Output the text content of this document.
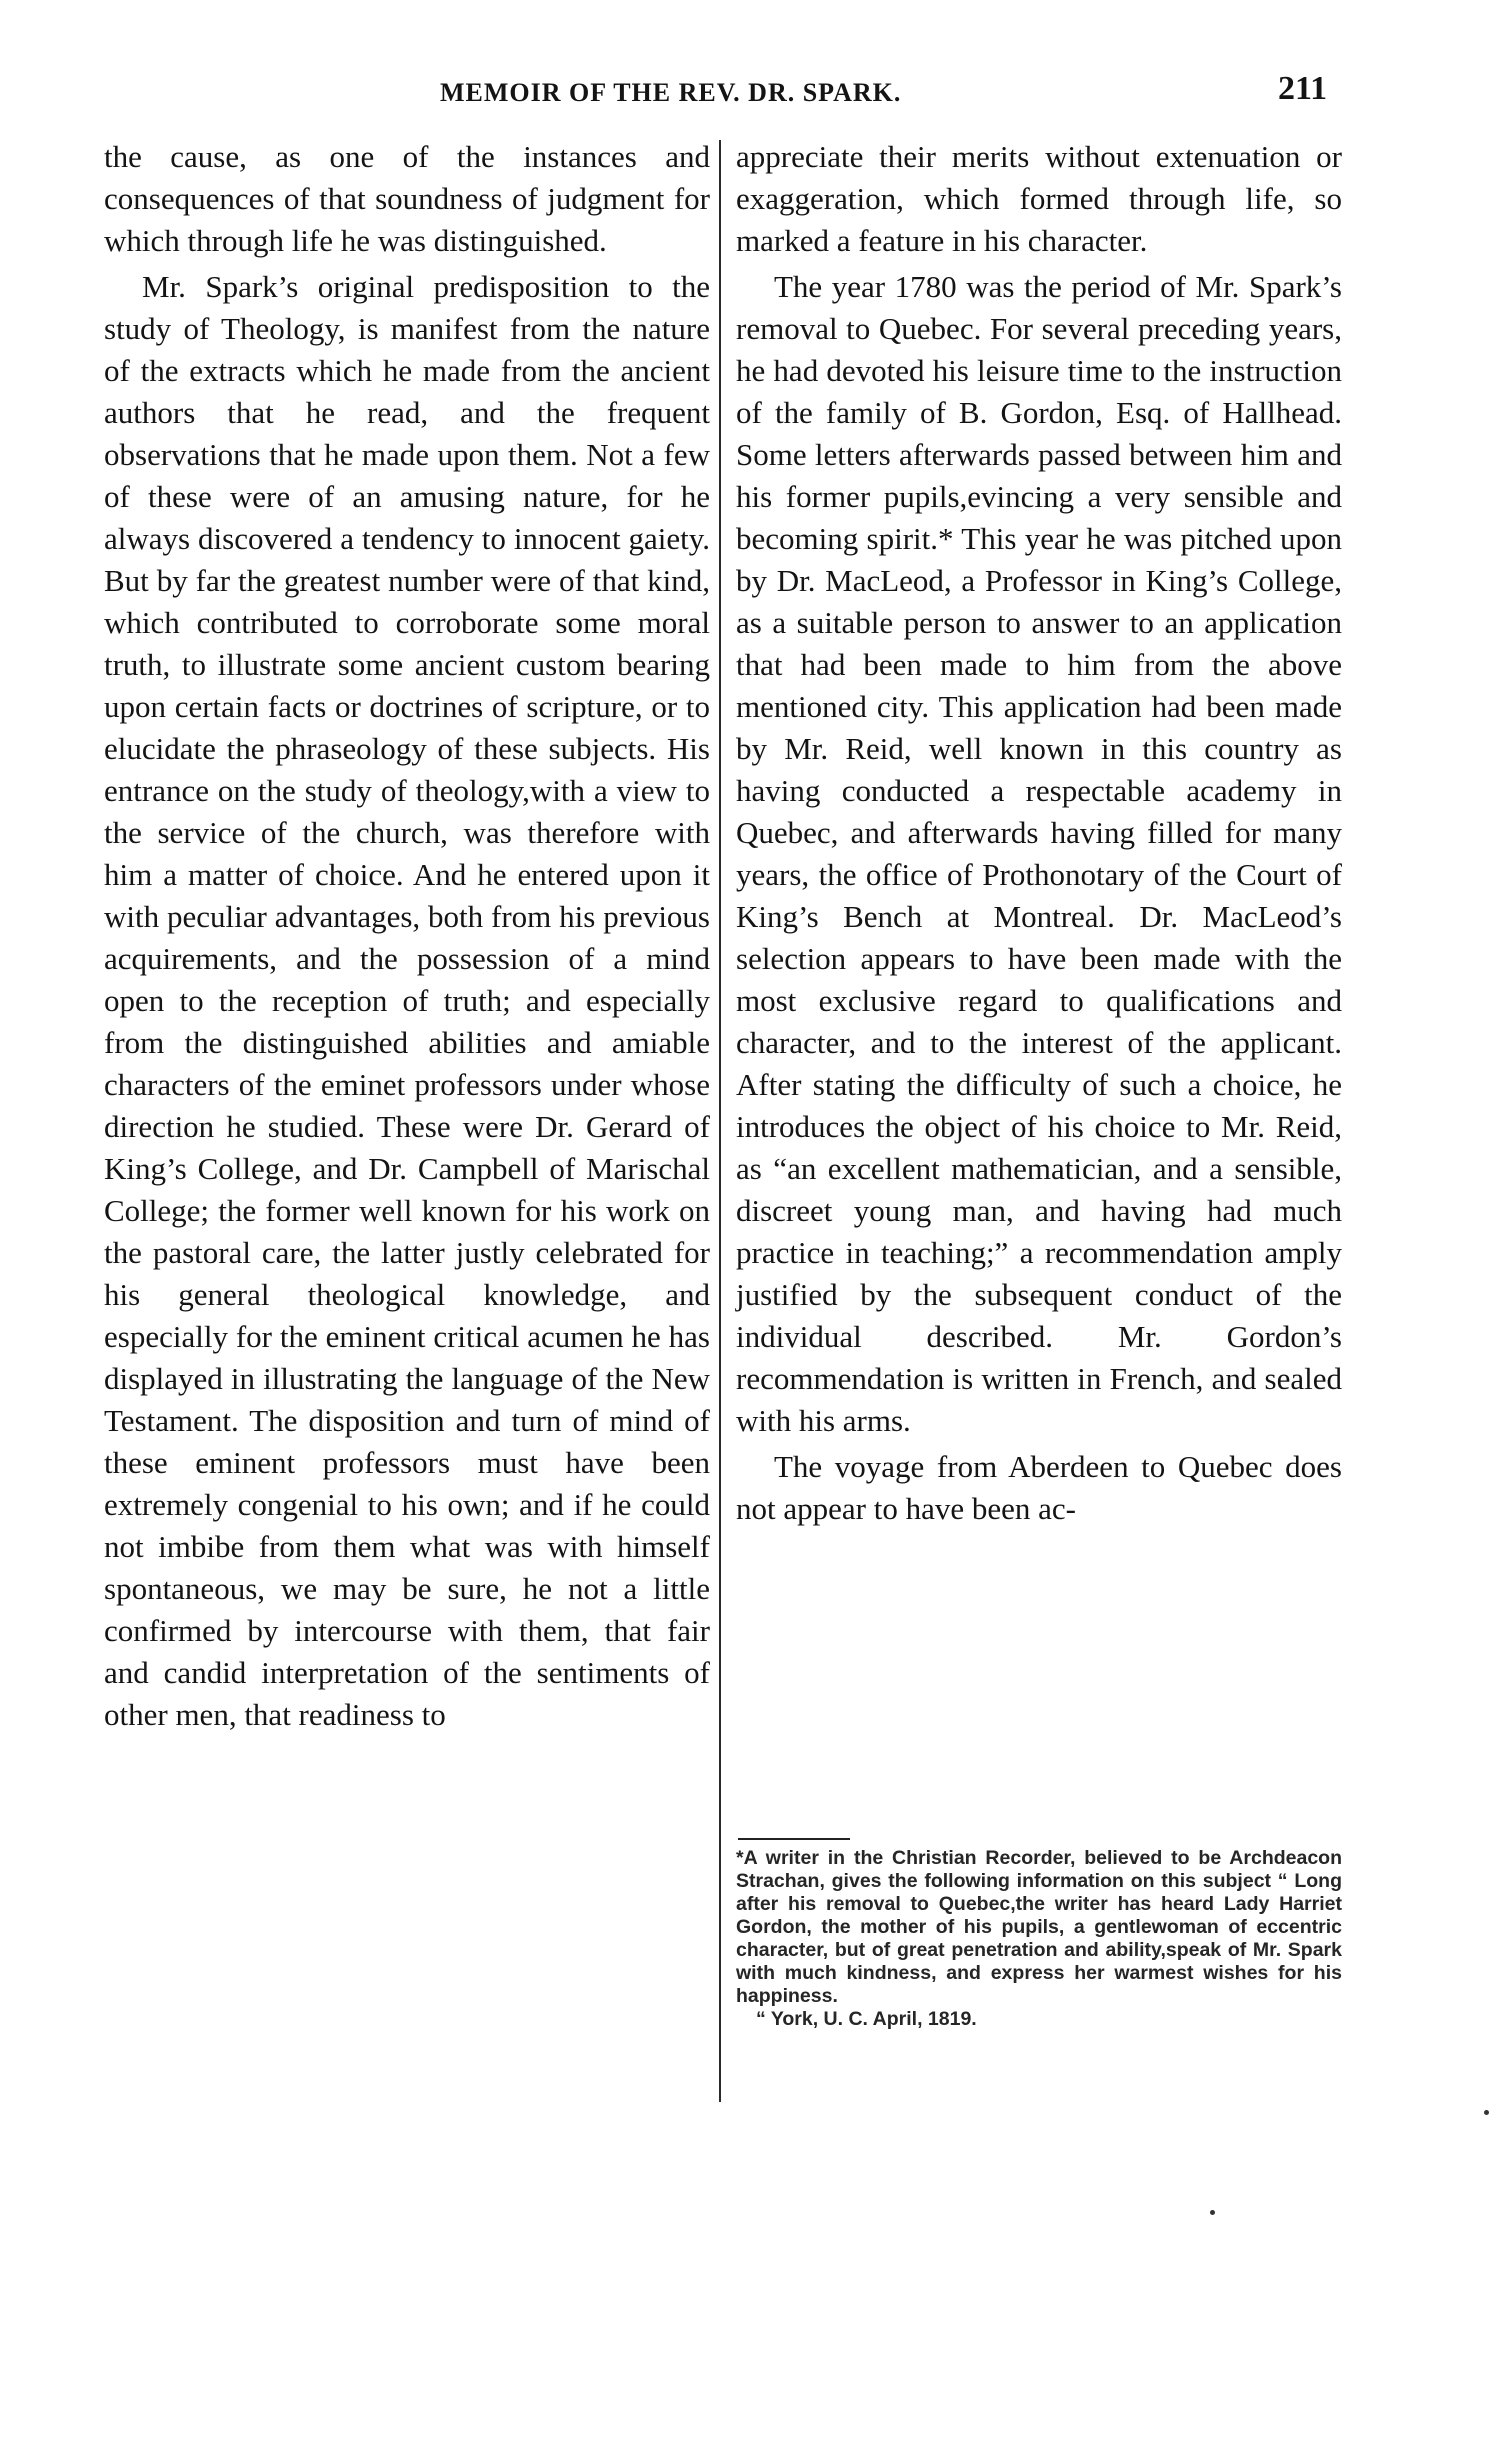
MEMOIR OF THE REV. DR. SPARK.	211

the cause, as one of the instances and consequences of that soundness of judgment for which through life he was distinguished.

Mr. Spark’s original predisposition to the study of Theology, is manifest from the nature of the extracts which he made from the ancient authors that he read, and the frequent observations that he made upon them. Not a few of these were of an amusing nature, for he always discovered a tendency to innocent gaiety. But by far the greatest number were of that kind, which contributed to corroborate some moral truth, to illustrate some ancient custom bearing upon certain facts or doctrines of scripture, or to elucidate the phraseology of these subjects. His entrance on the study of theology,with a view to the service of the church, was therefore with him a matter of choice. And he entered upon it with peculiar advantages, both from his previous acquirements, and the possession of a mind open to the reception of truth; and especially from the distinguished abilities and amiable characters of the eminet professors under whose direction he studied. These were Dr. Gerard of King’s College, and Dr. Campbell of Marischal College; the former well known for his work on the pastoral care, the latter justly celebrated for his general theological knowledge, and especially for the eminent critical acumen he has displayed in illustrating the language of the New Testament. The disposition and turn of mind of these eminent professors must have been extremely congenial to his own; and if he could not imbibe from them what was with himself spontaneous, we may be sure, he not a little confirmed by intercourse with them, that fair and candid interpretation of the sentiments of other men, that readiness to

appreciate their merits without extenuation or exaggeration, which formed through life, so marked a feature in his character.

The year 1780 was the period of Mr. Spark’s removal to Quebec. For several preceding years, he had devoted his leisure time to the instruction of the family of B. Gordon, Esq. of Hallhead. Some letters afterwards passed between him and his former pupils,evincing a very sensible and becoming spirit.* This year he was pitched upon by Dr. MacLeod, a Professor in King’s College, as a suitable person to answer to an application that had been made to him from the above mentioned city. This application had been made by Mr. Reid, well known in this country as having conducted a respectable academy in Quebec, and afterwards having filled for many years, the office of Prothonotary of the Court of King’s Bench at Montreal. Dr. MacLeod’s selection appears to have been made with the most exclusive regard to qualifications and character, and to the interest of the applicant. After stating the difficulty of such a choice, he introduces the object of his choice to Mr. Reid, as “an excellent mathematician, and a sensible, discreet young man, and having had much practice in teaching;” a recommendation amply justified by the subsequent conduct of the individual described. Mr. Gordon’s recommendation is written in French, and sealed with his arms.

The voyage from Aberdeen to Quebec does not appear to have been ac-

*A writer in the Christian Recorder, believed to be Archdeacon Strachan, gives the following information on this subject “ Long after his removal to Quebec,the writer has heard Lady Harriet Gordon, the mother of his pupils, a gentlewoman of eccentric character, but of great penetration and ability,speak of Mr. Spark with much kindness, and express her warmest wishes for his happiness.

“ York, U. C. April, 1819.
